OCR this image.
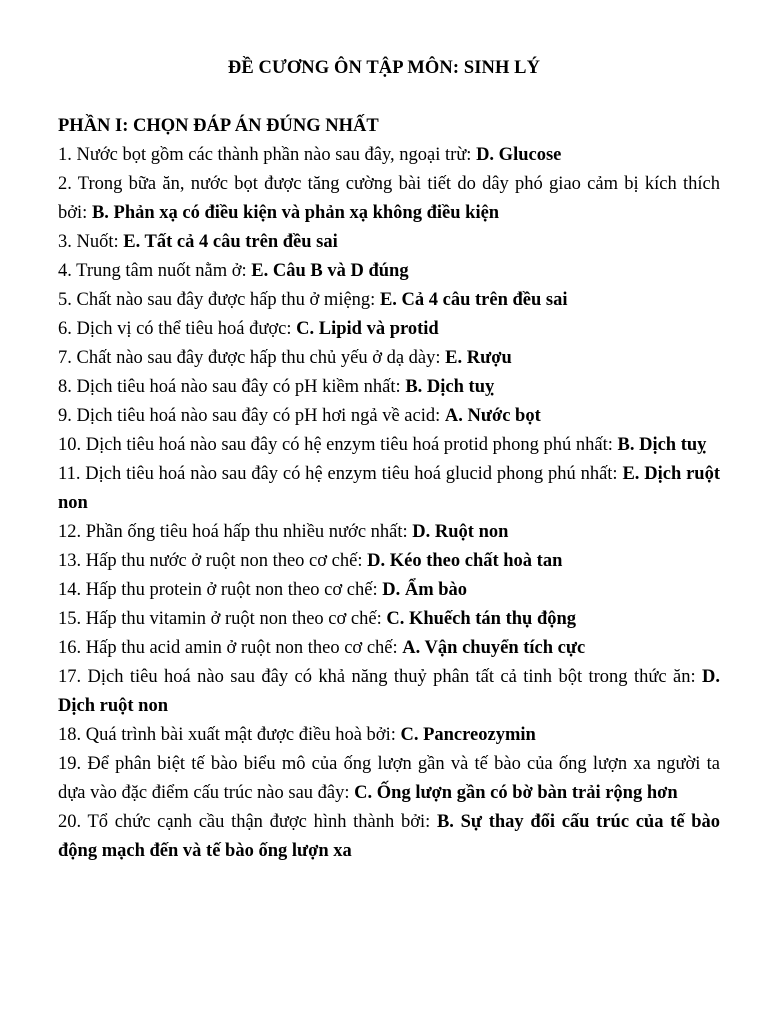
ĐỀ CƯƠNG ÔN TẬP MÔN: SINH LÝ
PHẦN I: CHỌN ĐÁP ÁN ĐÚNG NHẤT
1. Nước bọt gồm các thành phần nào sau đây, ngoại trừ: D. Glucose
2. Trong bữa ăn, nước bọt được tăng cường bài tiết do dây phó giao cảm bị kích thích bởi: B. Phản xạ có điều kiện và phản xạ không điều kiện
3. Nuốt: E. Tất cả 4 câu trên đều sai
4. Trung tâm nuốt nằm ở: E. Câu B và D đúng
5. Chất nào sau đây được hấp thu ở miệng: E. Cả 4 câu trên đều sai
6. Dịch vị có thể tiêu hoá được: C. Lipid và protid
7. Chất nào sau đây được hấp thu chủ yếu ở dạ dày: E. Rượu
8. Dịch tiêu hoá nào sau đây có pH kiềm nhất: B. Dịch tuỵ
9. Dịch tiêu hoá nào sau đây có pH hơi ngả về acid: A. Nước bọt
10. Dịch tiêu hoá nào sau đây có hệ enzym tiêu hoá protid phong phú nhất: B. Dịch tuỵ
11. Dịch tiêu hoá nào sau đây có hệ enzym tiêu hoá glucid phong phú nhất: E. Dịch ruột non
12. Phần ống tiêu hoá hấp thu nhiều nước nhất: D. Ruột non
13. Hấp thu nước ở ruột non theo cơ chế: D. Kéo theo chất hoà tan
14. Hấp thu protein ở ruột non theo cơ chế: D. Ẩm bào
15. Hấp thu vitamin ở ruột non theo cơ chế: C. Khuếch tán thụ động
16. Hấp thu acid amin ở ruột non theo cơ chế: A. Vận chuyển tích cực
17. Dịch tiêu hoá nào sau đây có khả năng thuỷ phân tất cả tinh bột trong thức ăn: D. Dịch ruột non
18. Quá trình bài xuất mật được điều hoà bởi: C. Pancreozymin
19. Để phân biệt tế bào biểu mô của ống lượn gần và tế bào của ống lượn xa người ta dựa vào đặc điểm cấu trúc nào sau đây: C. Ống lượn gần có bờ bàn trải rộng hơn
20. Tổ chức cạnh cầu thận được hình thành bởi: B. Sự thay đổi cấu trúc của tế bào động mạch đến và tế bào ống lượn xa
